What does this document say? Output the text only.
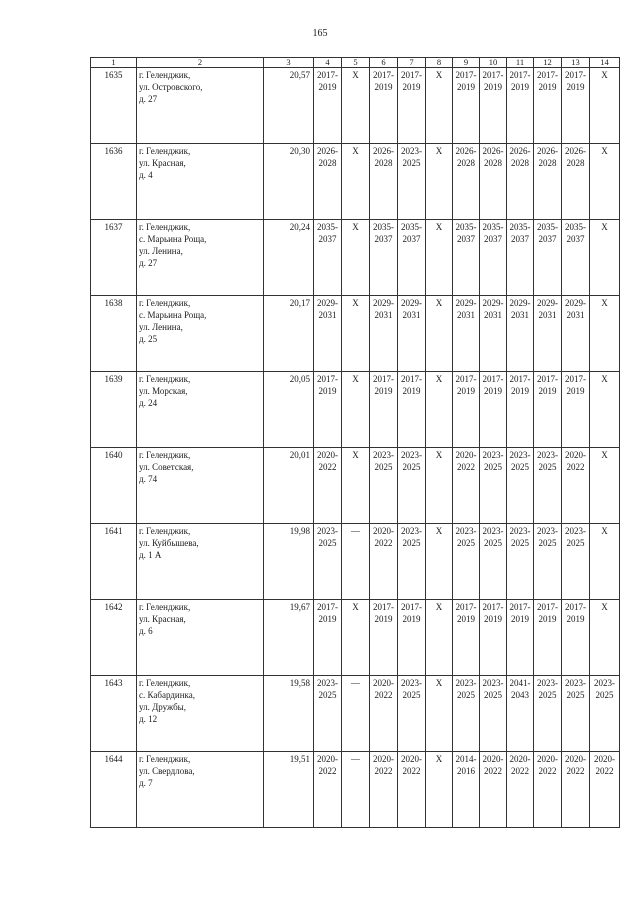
165
1	2	3	4	5	6	7	8	9	10	11	12	13	14
1635	г. Геленджик,
ул. Островского,
д. 27	20,57	2017-
2019	X	2017-
2019	2017-
2019	X	2017-
2019	2017-
2019	2017-
2019	2017-
2019	2017-
2019	X
1636	г. Геленджик,
ул. Красная,
д. 4	20,30	2026-
2028	X	2026-
2028	2023-
2025	X	2026-
2028	2026-
2028	2026-
2028	2026-
2028	2026-
2028	X
1637	г. Геленджик,
с. Марьина Роща,
ул. Ленина,
д. 27	20,24	2035-
2037	X	2035-
2037	2035-
2037	X	2035-
2037	2035-
2037	2035-
2037	2035-
2037	2035-
2037	X
1638	г. Геленджик,
с. Марьина Роща,
ул. Ленина,
д. 25	20,17	2029-
2031	X	2029-
2031	2029-
2031	X	2029-
2031	2029-
2031	2029-
2031	2029-
2031	2029-
2031	X
1639	г. Геленджик,
ул. Морская,
д. 24	20,05	2017-
2019	X	2017-
2019	2017-
2019	X	2017-
2019	2017-
2019	2017-
2019	2017-
2019	2017-
2019	X
1640	г. Геленджик,
ул. Советская,
д. 74	20,01	2020-
2022	X	2023-
2025	2023-
2025	X	2020-
2022	2023-
2025	2023-
2025	2023-
2025	2020-
2022	X
1641	г. Геленджик,
ул. Куйбышева,
д. 1 А	19,98	2023-
2025	—	2020-
2022	2023-
2025	X	2023-
2025	2023-
2025	2023-
2025	2023-
2025	2023-
2025	X
1642	г. Геленджик,
ул. Красная,
д. 6	19,67	2017-
2019	X	2017-
2019	2017-
2019	X	2017-
2019	2017-
2019	2017-
2019	2017-
2019	2017-
2019	X
1643	г. Геленджик,
с. Кабардинка,
ул. Дружбы,
д. 12	19,58	2023-
2025	—	2020-
2022	2023-
2025	X	2023-
2025	2023-
2025	2041-
2043	2023-
2025	2023-
2025	2023-
2025
1644	г. Геленджик,
ул. Свердлова,
д. 7	19,51	2020-
2022	—	2020-
2022	2020-
2022	X	2014-
2016	2020-
2022	2020-
2022	2020-
2022	2020-
2022	2020-
2022
